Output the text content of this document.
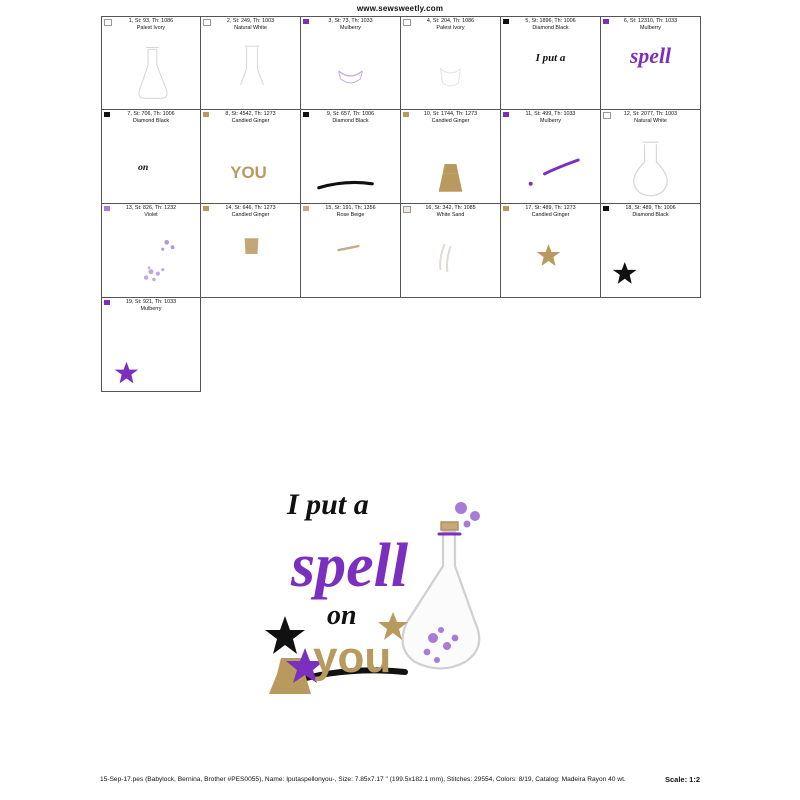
www.sewsweetly.com
1, St: 93, Th: 1086
Palest Ivory
2, St: 249, Th: 1003
Natural White
3, St: 73, Th: 1033
Mulberry
4, St: 204, Th: 1086
Palest Ivory
5, St: 1896, Th: 1006
Diamond Black
I put a
6, St: 12310, Th: 1033
Mulberry
spell
7, St: 706, Th: 1006
Diamond Black
on
8, St: 4542, Th: 1273
Candied Ginger
YOU
9, St: 657, Th: 1006
Diamond Black
10, St: 1744, Th: 1273
Candied Ginger
11, St: 499, Th: 1033
Mulberry
12, St: 2077, Th: 1003
Natural White
13, St: 826, Th: 1232
Violet
14, St: 646, Th: 1273
Candied Ginger
15, St: 191, Th: 1356
Rose Beige
16, St: 342, Th: 1085
White Sand
17, St: 489, Th: 1273
Candied Ginger
18, St: 489, Th: 1006
Diamond Black
19, St: 921, Th: 1033
Mulberry
I put a
spell
on
you
15-Sep-17.pes (Babylock, Bernina, Brother #PES0055), Name: Iputaspellonyou-, Size: 7.85x7.17 " (199.5x182.1 mm), Stitches: 29554, Colors: 8/19, Catalog: Madeira Rayon 40 wt.	Scale: 1:2
